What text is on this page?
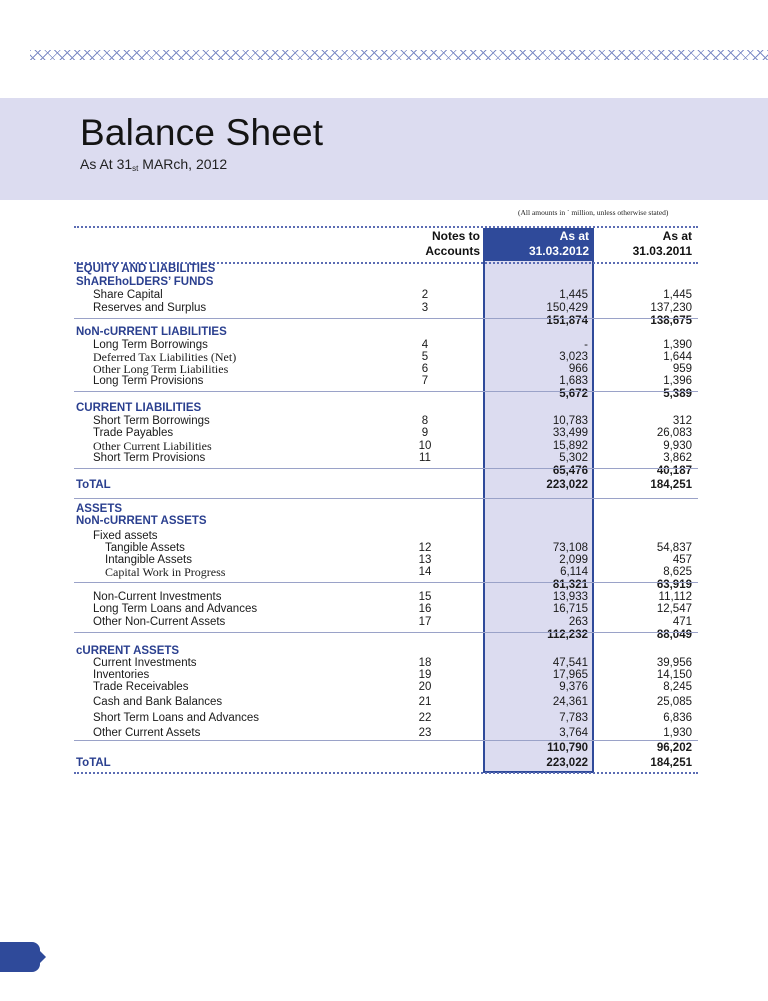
Balance Sheet
As At 31st MARch, 2012
(All amounts in ` million, unless otherwise stated)
Notes to
Accounts
As at
31.03.2012
As at
31.03.2011
EQUITY AND LIABILITIES
ShAREhoLDERS’ FUNDS
Share Capital	2	1,445	1,445
Reserves and Surplus	3	150,429	137,230
151,874	138,675
NoN-cURRENT LIABILITIES
Long Term Borrowings	4	-	1,390
Deferred Tax Liabilities (Net)	5	3,023	1,644
Other Long Term Liabilities	6	966	959
Long Term Provisions	7	1,683	1,396
5,672	5,389
CURRENT LIABILITIES
Short Term Borrowings	8	10,783	312
Trade Payables	9	33,499	26,083
Other Current Liabilities	10	15,892	9,930
Short Term Provisions	11	5,302	3,862
65,476	40,187
ToTAL	223,022	184,251
ASSETS
NoN-cURRENT ASSETS
Fixed assets
Tangible Assets	12	73,108	54,837
Intangible Assets	13	2,099	457
Capital Work in Progress	14	6,114	8,625
81,321	63,919
Non-Current Investments	15	13,933	11,112
Long Term Loans and Advances	16	16,715	12,547
Other Non-Current Assets	17	263	471
112,232	88,049
cURRENT ASSETS
Current Investments	18	47,541	39,956
Inventories	19	17,965	14,150
Trade Receivables	20	9,376	8,245
Cash and Bank Balances	21	24,361	25,085
Short Term Loans and Advances	22	7,783	6,836
Other Current Assets	23	3,764	1,930
110,790	96,202
ToTAL	223,022	184,251
